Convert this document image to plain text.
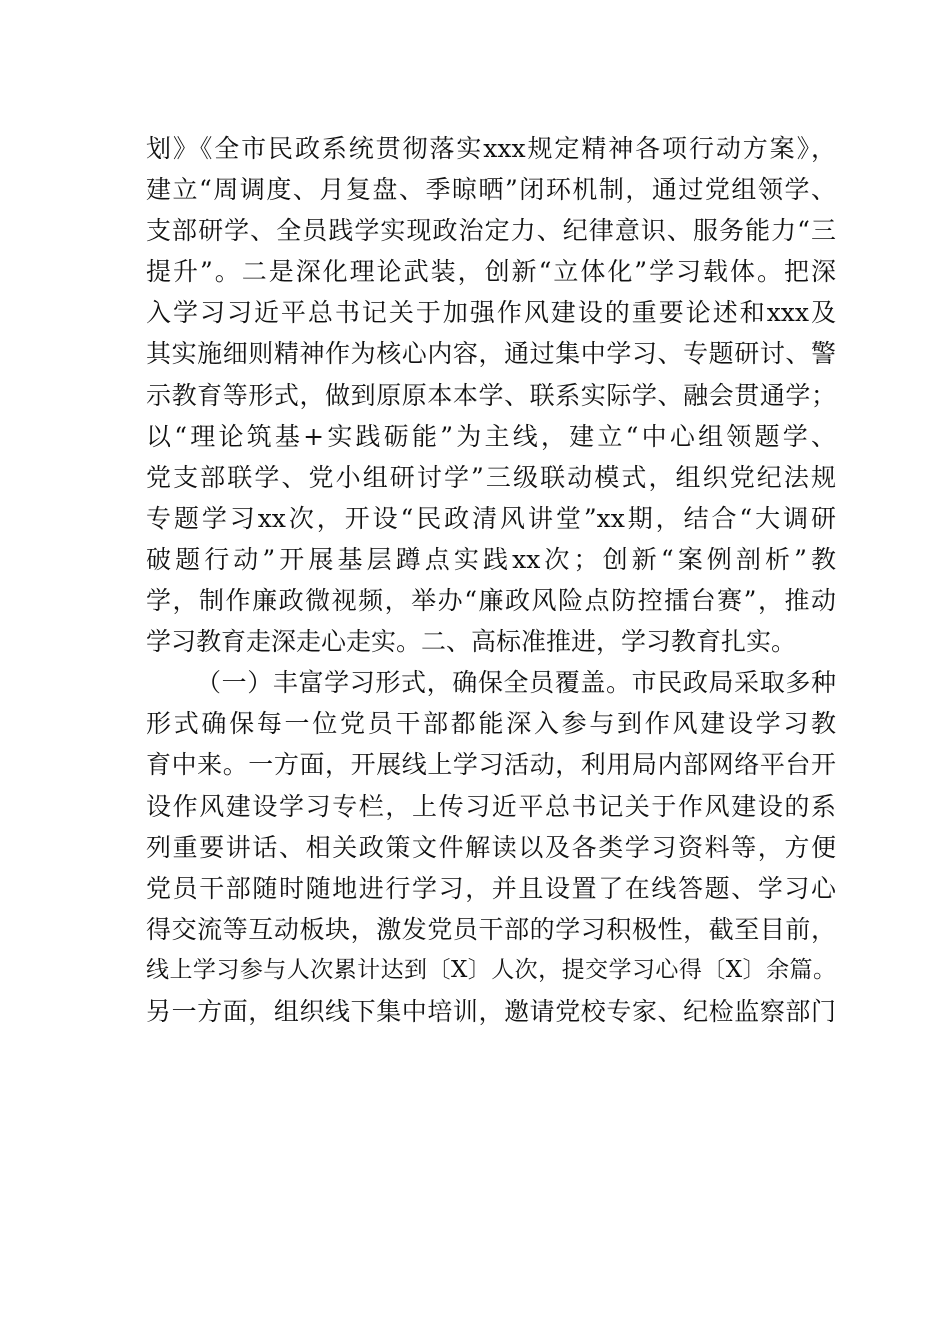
划》《全市民政系统贯彻落实xxx规定精神各项行动方案》，
建立“周调度、月复盘、季晾晒”闭环机制，通过党组领学、
支部研学、全员践学实现政治定力、纪律意识、服务能力“三
提升”。二是深化理论武装，创新“立体化”学习载体。把深
入学习习近平总书记关于加强作风建设的重要论述和xxx及
其实施细则精神作为核心内容，通过集中学习、专题研讨、警
示教育等形式，做到原原本本学、联系实际学、融会贯通学；
以“理论筑基+实践砺能”为主线，建立“中心组领题学、
党支部联学、党小组研讨学”三级联动模式，组织党纪法规
专题学习xx次，开设“民政清风讲堂”xx期，结合“大调研
破题行动”开展基层蹲点实践xx次；创新“案例剖析”教
学，制作廉政微视频，举办“廉政风险点防控擂台赛”，推动
学习教育走深走心走实。二、高标准推进，学习教育扎实。
（一）丰富学习形式，确保全员覆盖。市民政局采取多种
形式确保每一位党员干部都能深入参与到作风建设学习教
育中来。一方面，开展线上学习活动，利用局内部网络平台开
设作风建设学习专栏，上传习近平总书记关于作风建设的系
列重要讲话、相关政策文件解读以及各类学习资料等，方便
党员干部随时随地进行学习，并且设置了在线答题、学习心
得交流等互动板块，激发党员干部的学习积极性，截至目前，
线上学习参与人次累计达到〔X〕人次，提交学习心得〔X〕余篇。
另一方面，组织线下集中培训，邀请党校专家、纪检监察部门
